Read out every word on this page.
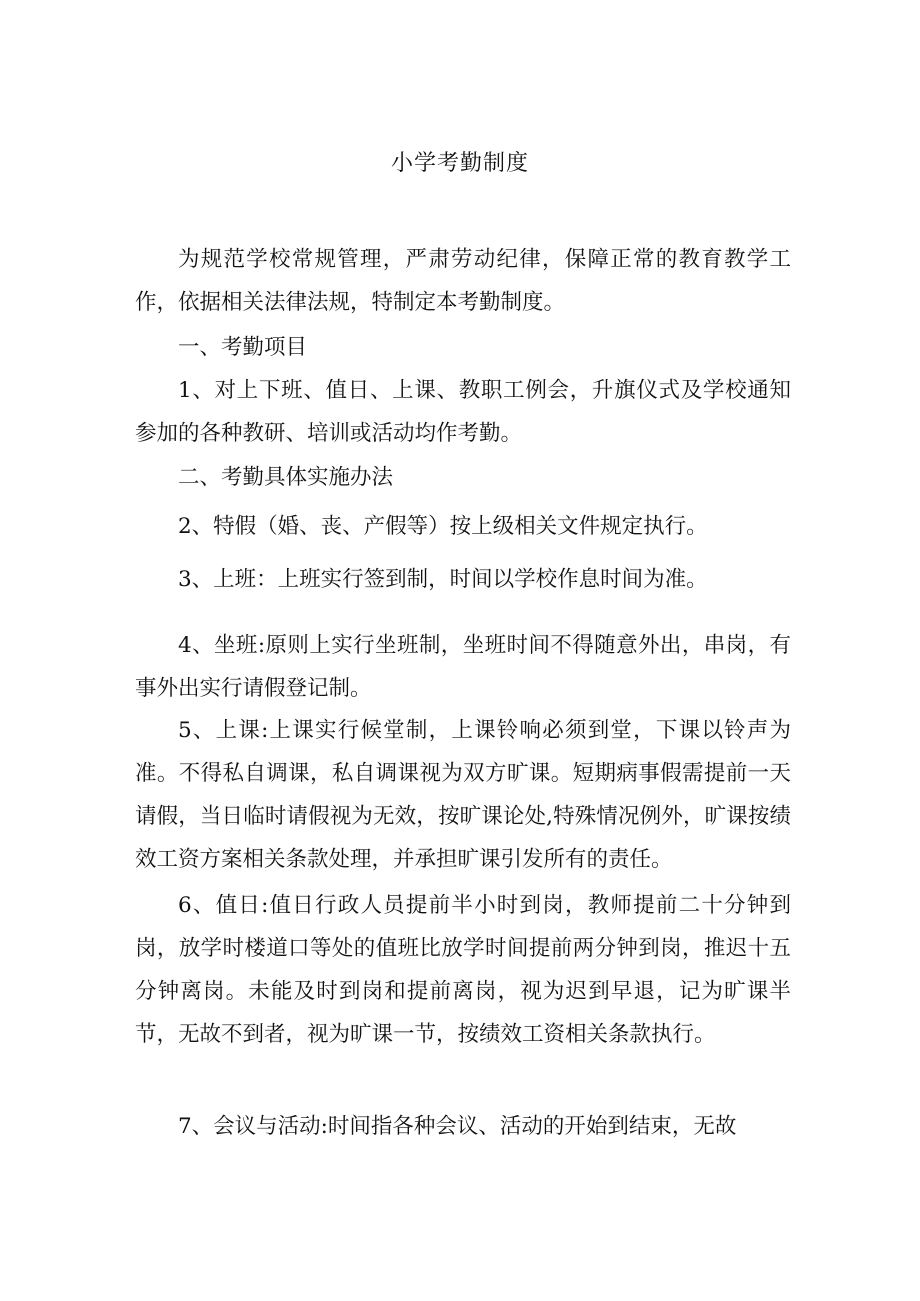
小学考勤制度

为规范学校常规管理，严肃劳动纪律，保障正常的教育教学工作，依据相关法律法规，特制定本考勤制度。

一、考勤项目

1、对上下班、值日、上课、教职工例会，升旗仪式及学校通知参加的各种教研、培训或活动均作考勤。

二、考勤具体实施办法

2、特假（婚、丧、产假等）按上级相关文件规定执行。

3、上班：上班实行签到制，时间以学校作息时间为准。

4、坐班:原则上实行坐班制，坐班时间不得随意外出，串岗，有事外出实行请假登记制。

5、上课:上课实行候堂制，上课铃响必须到堂，下课以铃声为准。不得私自调课，私自调课视为双方旷课。短期病事假需提前一天请假，当日临时请假视为无效，按旷课论处,特殊情况例外，旷课按绩效工资方案相关条款处理，并承担旷课引发所有的责任。

6、值日:值日行政人员提前半小时到岗，教师提前二十分钟到岗，放学时楼道口等处的值班比放学时间提前两分钟到岗，推迟十五分钟离岗。未能及时到岗和提前离岗，视为迟到早退，记为旷课半节，无故不到者，视为旷课一节，按绩效工资相关条款执行。

7、会议与活动:时间指各种会议、活动的开始到结束，无故
